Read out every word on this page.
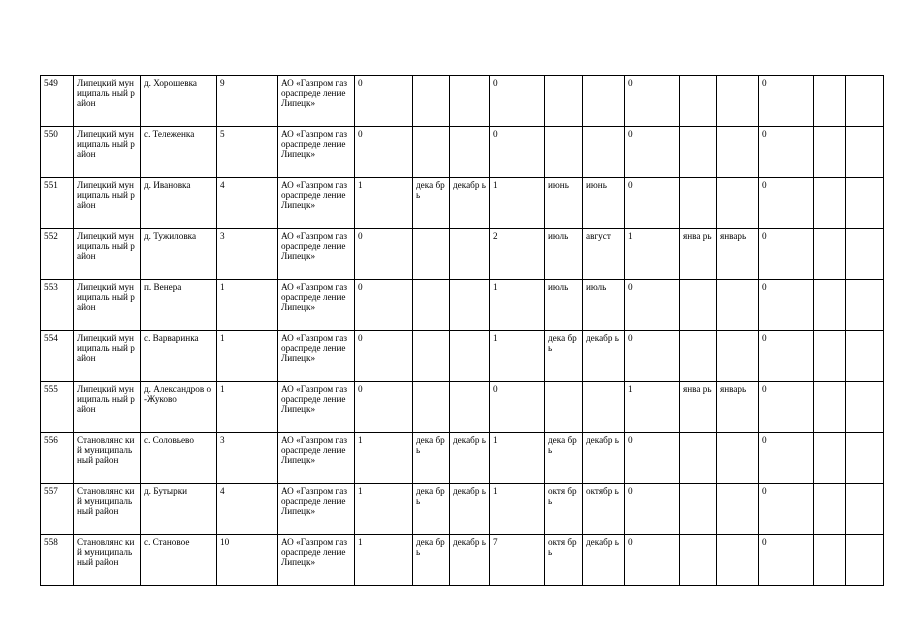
549	Липецкий муниципаль ный район	д. Хорошевка	9	АО «Газпром газораспреде ление Липецк»	0			0			0			0		
550	Липецкий муниципаль ный район	с. Тележенка	5	АО «Газпром газораспреде ление Липецк»	0			0			0			0		
551	Липецкий муниципаль ный район	д. Ивановка	4	АО «Газпром газораспреде ление Липецк»	1	дека брь	декабр ь	1	июнь	июнь	0			0		
552	Липецкий муниципаль ный район	д. Тужиловка	3	АО «Газпром газораспреде ление Липецк»	0			2	июль	август	1	янва рь	январь	0		
553	Липецкий муниципаль ный район	п. Венера	1	АО «Газпром газораспреде ление Липецк»	0			1	июль	июль	0			0		
554	Липецкий муниципаль ный район	с. Варваринка	1	АО «Газпром газораспреде ление Липецк»	0			1	дека брь	декабр ь	0			0		
555	Липецкий муниципаль ный район	д. Александров о-Жуково	1	АО «Газпром газораспреде ление Липецк»	0			0			1	янва рь	январь	0		
556	Становлянс кий муниципаль ный район	с. Соловьево	3	АО «Газпром газораспреде ление Липецк»	1	дека брь	декабр ь	1	дека брь	декабр ь	0			0		
557	Становлянс кий муниципаль ный район	д. Бутырки	4	АО «Газпром газораспреде ление Липецк»	1	дека брь	декабр ь	1	октя брь	октябр ь	0			0		
558	Становлянс кий муниципаль ный район	с. Становое	10	АО «Газпром газораспреде ление Липецк»	1	дека брь	декабр ь	7	октя брь	декабр ь	0			0		
